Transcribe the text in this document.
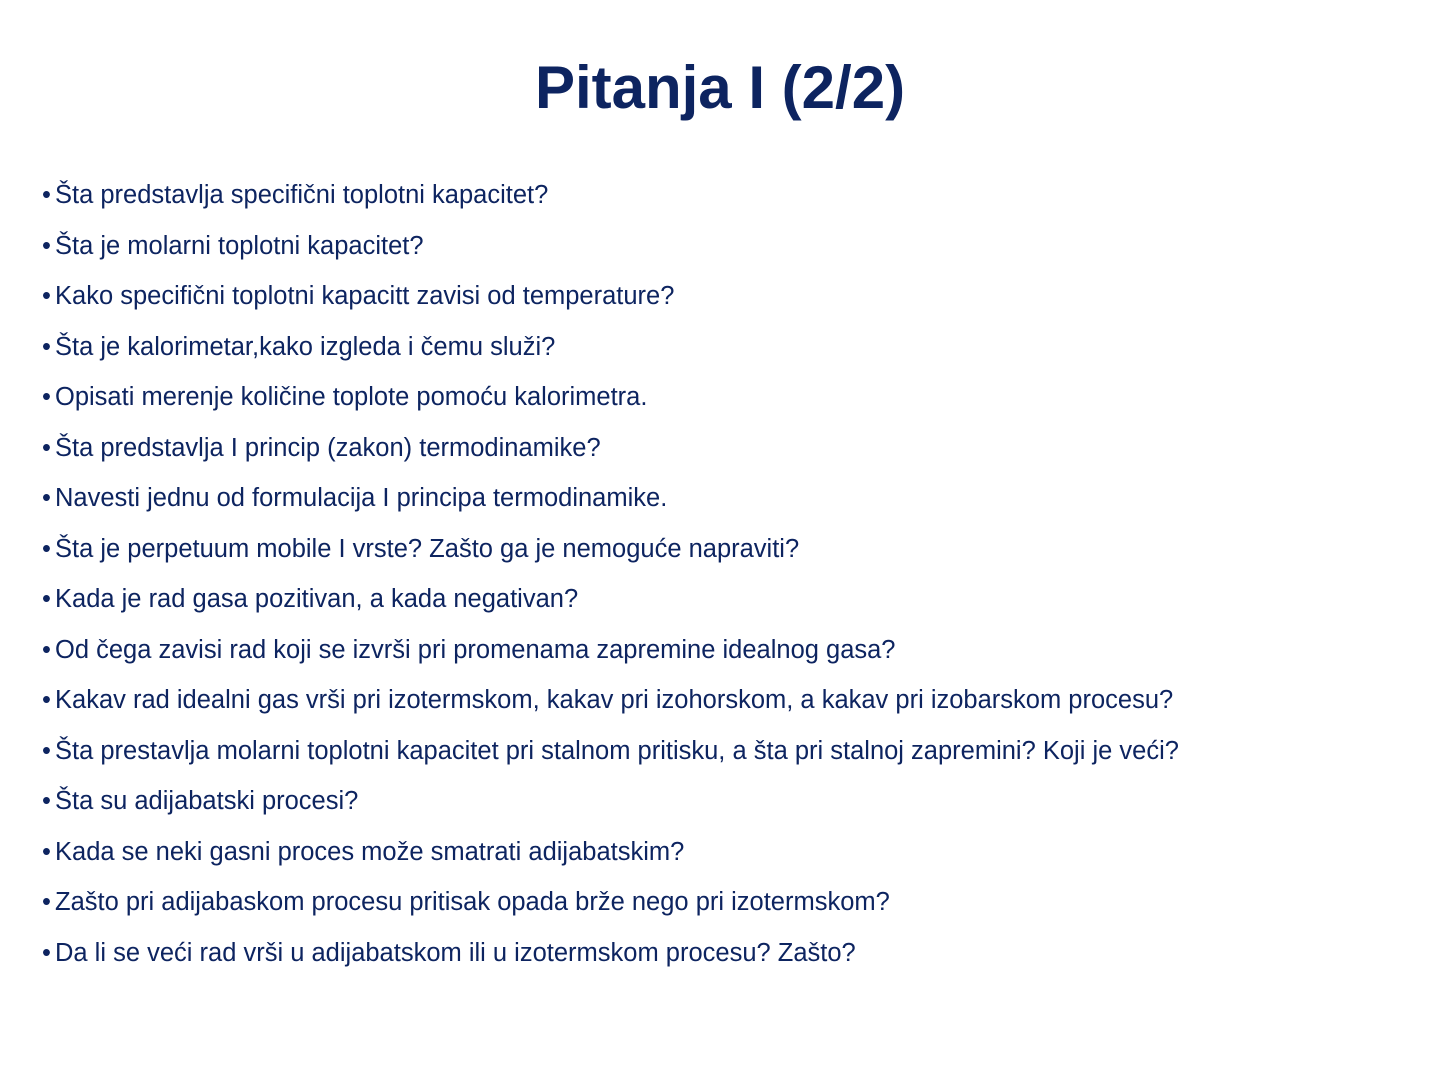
Pitanja I (2/2)
• Šta predstavlja specifični toplotni kapacitet?
• Šta je molarni toplotni kapacitet?
• Kako specifični toplotni kapacitt zavisi od temperature?
• Šta je kalorimetar,kako izgleda i čemu služi?
• Opisati merenje količine toplote pomoću kalorimetra.
• Šta predstavlja I princip (zakon) termodinamike?
• Navesti jednu od formulacija I principa termodinamike.
• Šta je perpetuum mobile I vrste? Zašto ga je nemoguće napraviti?
• Kada je rad gasa pozitivan, a kada negativan?
• Od čega zavisi rad koji se izvrši pri promenama zapremine idealnog gasa?
• Kakav rad idealni gas vrši pri izotermskom, kakav pri izohorskom, a kakav pri izobarskom procesu?
• Šta prestavlja molarni toplotni kapacitet pri stalnom pritisku, a šta pri stalnoj zapremini? Koji je veći?
• Šta su adijabatski procesi?
• Kada se neki gasni proces može smatrati adijabatskim?
• Zašto pri adijabaskom procesu pritisak opada brže nego pri izotermskom?
• Da li se veći rad vrši u adijabatskom ili u izotermskom procesu? Zašto?
